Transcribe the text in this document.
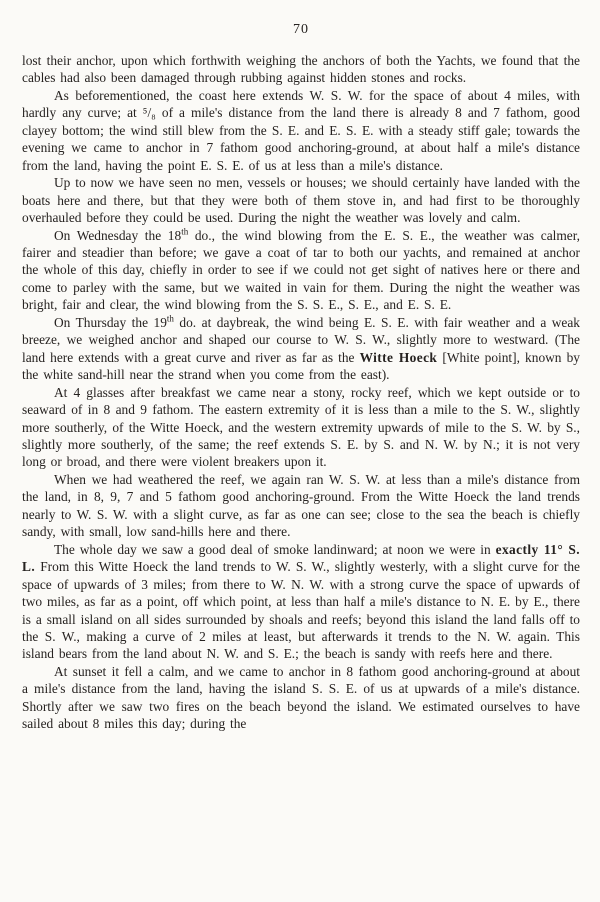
70

lost their anchor, upon which forthwith weighing the anchors of both the Yachts, we found that the cables had also been damaged through rubbing against hidden stones and rocks.

As beforementioned, the coast here extends W. S. W. for the space of about 4 miles, with hardly any curve; at ⁵/₈ of a mile's distance from the land there is already 8 and 7 fathom, good clayey bottom; the wind still blew from the S. E. and E. S. E. with a steady stiff gale; towards the evening we came to anchor in 7 fathom good anchoring-ground, at about half a mile's distance from the land, having the point E. S. E. of us at less than a mile's distance.

Up to now we have seen no men, vessels or houses; we should certainly have landed with the boats here and there, but that they were both of them stove in, and had first to be thoroughly overhauled before they could be used. During the night the weather was lovely and calm.

On Wednesday the 18th do., the wind blowing from the E. S. E., the weather was calmer, fairer and steadier than before; we gave a coat of tar to both our yachts, and remained at anchor the whole of this day, chiefly in order to see if we could not get sight of natives here or there and come to parley with the same, but we waited in vain for them. During the night the weather was bright, fair and clear, the wind blowing from the S. S. E., S. E., and E. S. E.

On Thursday the 19th do. at daybreak, the wind being E. S. E. with fair weather and a weak breeze, we weighed anchor and shaped our course to W. S. W., slightly more to westward. (The land here extends with a great curve and river as far as the Witte Hoeck [White point], known by the white sand-hill near the strand when you come from the east).

At 4 glasses after breakfast we came near a stony, rocky reef, which we kept outside or to seaward of in 8 and 9 fathom. The eastern extremity of it is less than a mile to the S. W., slightly more southerly, of the Witte Hoeck, and the western extremity upwards of mile to the S. W. by S., slightly more southerly, of the same; the reef extends S. E. by S. and N. W. by N.; it is not very long or broad, and there were violent breakers upon it.

When we had weathered the reef, we again ran W. S. W. at less than a mile's distance from the land, in 8, 9, 7 and 5 fathom good anchoring-ground. From the Witte Hoeck the land trends nearly to W. S. W. with a slight curve, as far as one can see; close to the sea the beach is chiefly sandy, with small, low sand-hills here and there.

The whole day we saw a good deal of smoke landinward; at noon we were in exactly 11° S. L. From this Witte Hoeck the land trends to W. S. W., slightly westerly, with a slight curve for the space of upwards of 3 miles; from there to W. N. W. with a strong curve the space of upwards of two miles, as far as a point, off which point, at less than half a mile's distance to N. E. by E., there is a small island on all sides surrounded by shoals and reefs; beyond this island the land falls off to the S. W., making a curve of 2 miles at least, but afterwards it trends to the N. W. again. This island bears from the land about N. W. and S. E.; the beach is sandy with reefs here and there.

At sunset it fell a calm, and we came to anchor in 8 fathom good anchoring-ground at about a mile's distance from the land, having the island S. S. E. of us at upwards of a mile's distance. Shortly after we saw two fires on the beach beyond the island. We estimated ourselves to have sailed about 8 miles this day; during the
